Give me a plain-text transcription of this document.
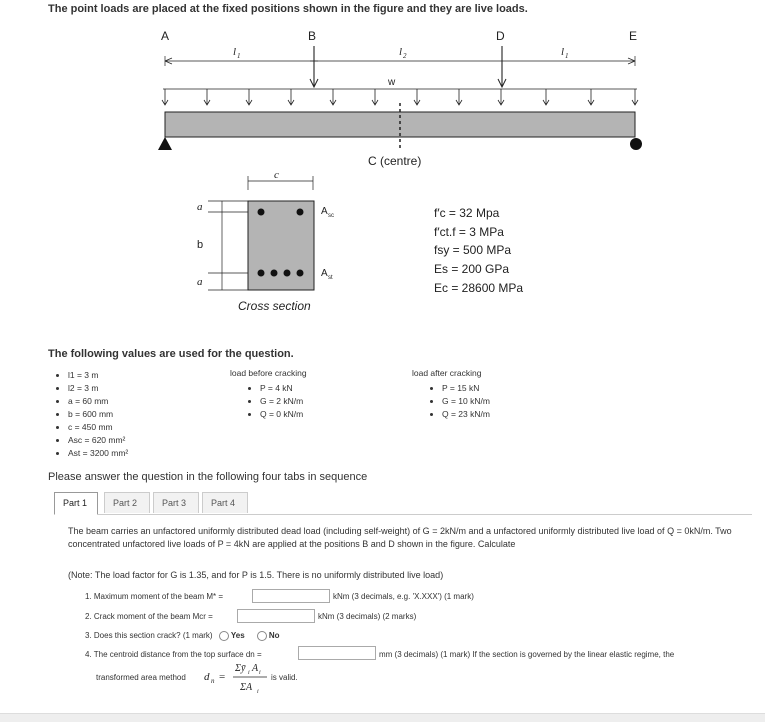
The point loads are placed at the fixed positions shown in the figure and they are live loads.
A	B	D	E
l 1	l 2	l 1
w
C (centre)
c
a
b
a
A sc
A st
Cross section
f′c = 32 Mpa
f′ct.f = 3 MPa
fsy = 500 MPa
Es = 200 GPa
Ec = 28600 MPa
The following values are used for the question.
• l1 = 3 m
• l2 = 3 m
• a = 60 mm
• b = 600 mm
• c = 450 mm
• Asc = 620 mm²
• Ast = 3200 mm²
load before cracking
• P = 4 kN
• G = 2 kN/m
• Q = 0 kN/m
load after cracking
• P = 15 kN
• G = 10 kN/m
• Q = 23 kN/m
Please answer the question in the following four tabs in sequence
Part 1	Part 2	Part 3	Part 4
The beam carries an unfactored uniformly distributed dead load (including self-weight) of G = 2kN/m and a unfactored uniformly distributed live load of Q = 0kN/m. Two concentrated unfactored live loads of P = 4kN are applied at the positions B and D shown in the figure. Calculate
(Note: The load factor for G is 1.35, and for P is 1.5. There is no uniformly distributed live load)
1. Maximum moment of the beam M* =	kNm (3 decimals, e.g. 'X.XXX') (1 mark)
2. Crack moment of the beam Mcr =	kNm (3 decimals) (2 marks)
3. Does this section crack? (1 mark) Yes	No
4. The centroid distance from the top surface dn =	mm (3 decimals) (1 mark) If the section is governed by the linear elastic regime, the
transformed area method d n =
Σȳ i A i
ΣA i
is valid.
